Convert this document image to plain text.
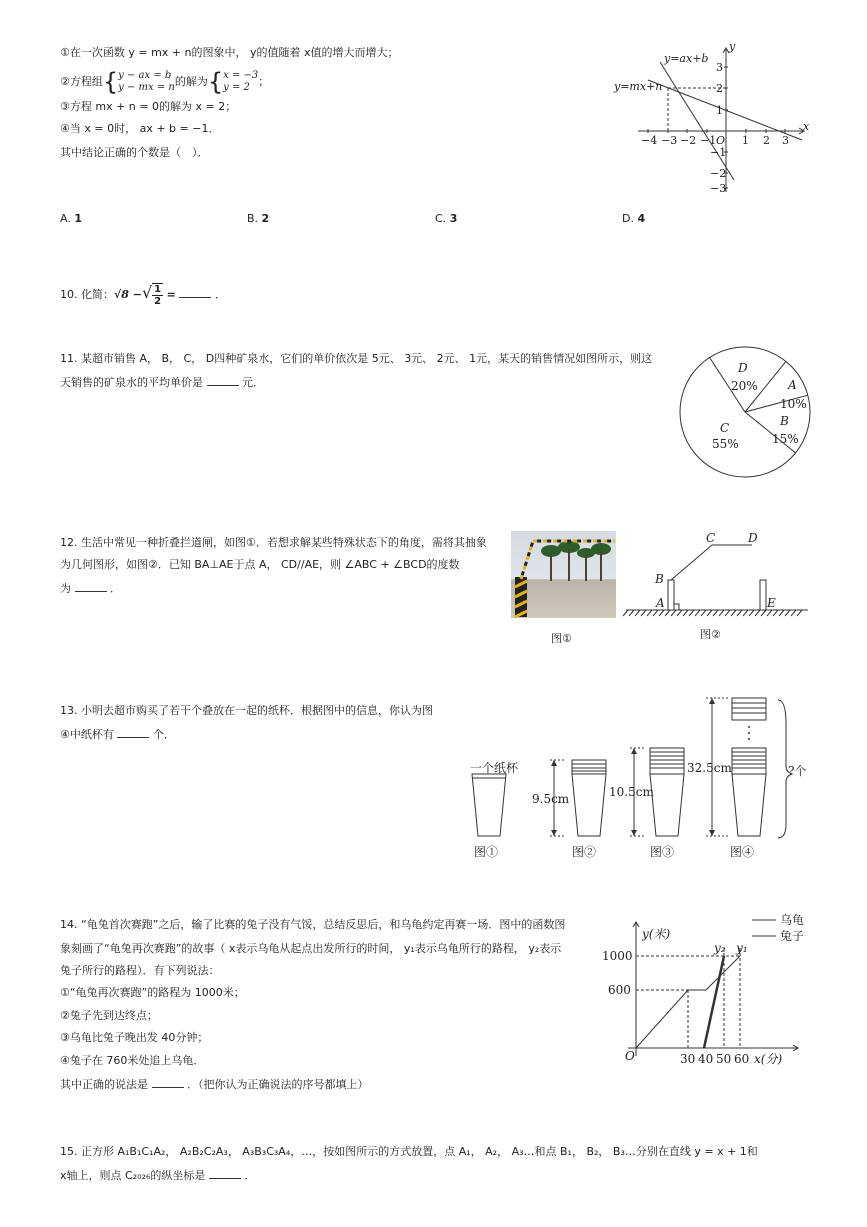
①在一次函数 y = mx + n的图象中， y的值随着 x值的增大而增大；
②方程组{ y − ax = b
y − mx = n 的解为{ x = −3
y = 2 ；
③方程 mx + n = 0的解为 x = 2；
④当 x = 0时， ax + b = −1．
其中结论正确的个数是（　）．
A. 1	B. 2	C. 3	D. 4
y=ax+b
y=mx+n
x
y
−4 −3 −2 −1 O 1 2 3
3
2
1
−1
−2
−3
10. 化简：√8 −√ $\frac{1}{2}$ =	．
11. 某超市销售 A， B， C， D四种矿泉水，它们的单价依次是 5元、 3元、 2元、 1元，某天的销售情况如图所示，则这
天销售的矿泉水的平均单价是	元．
D
20%	A
10%
B
15%
C
55%
12. 生活中常见一种折叠拦道闸，如图①．若想求解某些特殊状态下的角度，需将其抽象
为几何图形，如图②．已知 BA⊥AE于点 A， CD//AE，则 ∠ABC + ∠BCD的度数
为	．
图①
C	D
B
A	E
图②
13. 小明去超市购买了若干个叠放在一起的纸杯．根据图中的信息，你认为图
④中纸杯有	个．
一个纸杯
9.5cm	10.5cm
32.5cm	?个
图①	图②	图③	图④
14. “龟兔首次赛跑”之后，输了比赛的兔子没有气馁，总结反思后，和乌龟约定再赛一场．图中的函数图
象刻画了“龟兔再次赛跑”的故事（ x表示乌龟从起点出发所行的时间， y₁表示乌龟所行的路程， y₂表示
兔子所行的路程）．有下列说法：
①“龟兔再次赛跑”的路程为 1000米；
②兔子先到达终点；
③乌龟比兔子晚出发 40分钟；
④兔子在 760米处追上乌龟．
其中正确的说法是	．（把你认为正确说法的序号都填上）
y(米)
1000
600
O	30 40 50 60 x(分)
y₂ y₁
乌龟
兔子
15. 正方形 A₁B₁C₁A₂， A₂B₂C₂A₃， A₃B₃C₃A₄，…，按如图所示的方式放置，点 A₁， A₂， A₃…和点 B₁， B₂， B₃…分别在直线 y = x + 1和
x轴上，则点 C₂₀₂₆的纵坐标是	．
